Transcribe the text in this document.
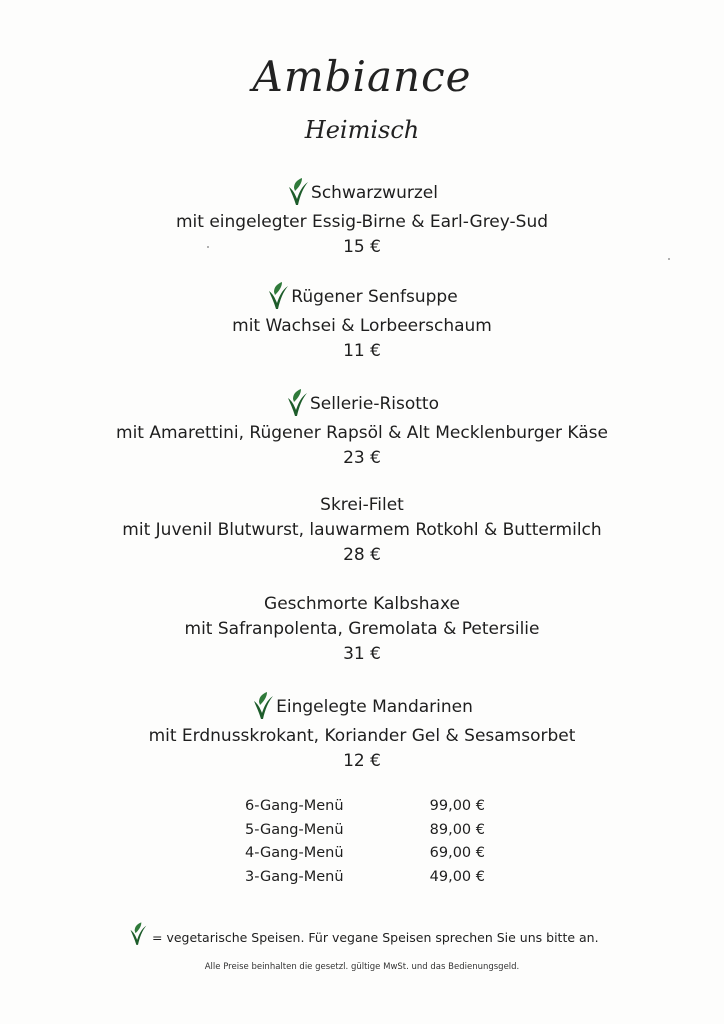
Ambiance
Heimisch
Schwarzwurzel
mit eingelegter Essig-Birne & Earl-Grey-Sud
15 €
Rügener Senfsuppe
mit Wachsei & Lorbeerschaum
11 €
Sellerie-Risotto
mit Amarettini, Rügener Rapsöl & Alt Mecklenburger Käse
23 €
Skrei-Filet
mit Juvenil Blutwurst, lauwarmem Rotkohl & Buttermilch
28 €
Geschmorte Kalbshaxe
mit Safranpolenta, Gremolata & Petersilie
31 €
Eingelegte Mandarinen
mit Erdnusskrokant, Koriander Gel & Sesamsorbet
12 €
6-Gang-Menü	99,00 €
5-Gang-Menü	89,00 €
4-Gang-Menü	69,00 €
3-Gang-Menü	49,00 €
= vegetarische Speisen. Für vegane Speisen sprechen Sie uns bitte an.
Alle Preise beinhalten die gesetzl. gültige MwSt. und das Bedienungsgeld.
